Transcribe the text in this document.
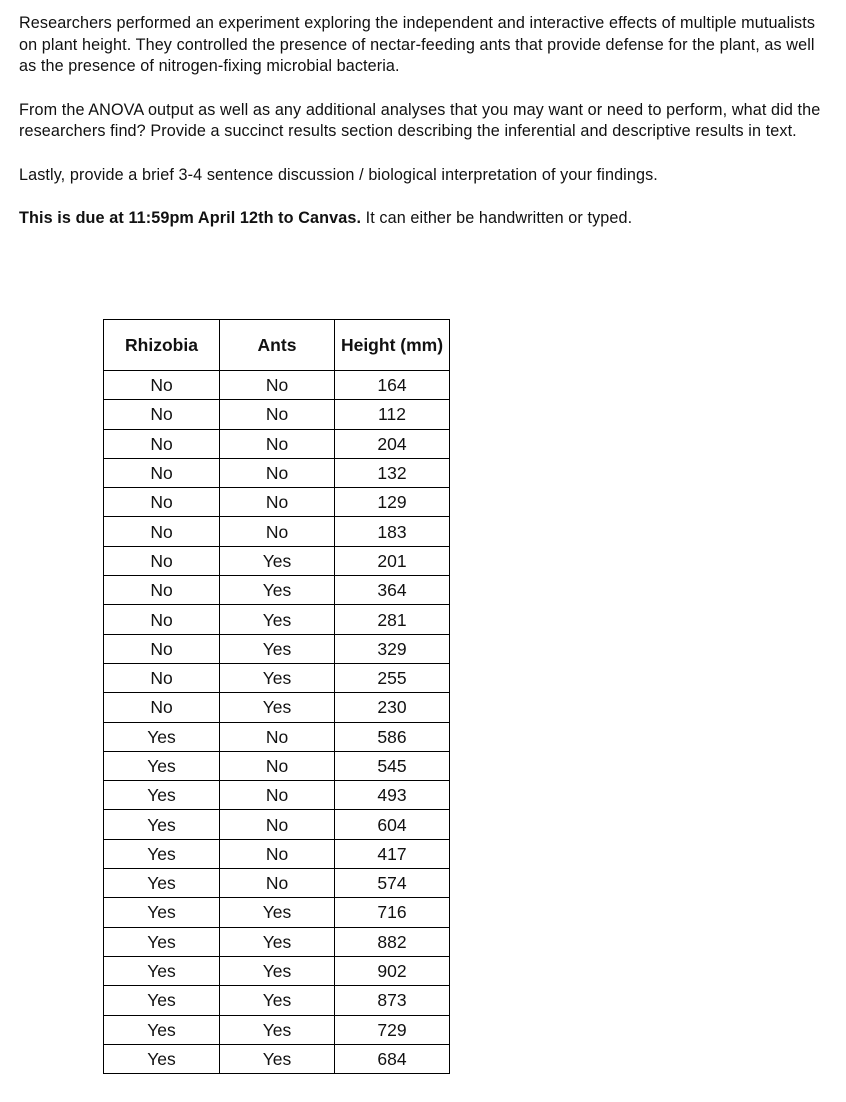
Researchers performed an experiment exploring the independent and interactive effects of multiple mutualists on plant height. They controlled the presence of nectar-feeding ants that provide defense for the plant, as well as the presence of nitrogen-fixing microbial bacteria.

From the ANOVA output as well as any additional analyses that you may want or need to perform, what did the researchers find? Provide a succinct results section describing the inferential and descriptive results in text.

Lastly, provide a brief 3-4 sentence discussion / biological interpretation of your findings.

This is due at 11:59pm April 12th to Canvas. It can either be handwritten or typed.

Rhizobia	Ants	Height (mm)
No	No	164
No	No	112
No	No	204
No	No	132
No	No	129
No	No	183
No	Yes	201
No	Yes	364
No	Yes	281
No	Yes	329
No	Yes	255
No	Yes	230
Yes	No	586
Yes	No	545
Yes	No	493
Yes	No	604
Yes	No	417
Yes	No	574
Yes	Yes	716
Yes	Yes	882
Yes	Yes	902
Yes	Yes	873
Yes	Yes	729
Yes	Yes	684
